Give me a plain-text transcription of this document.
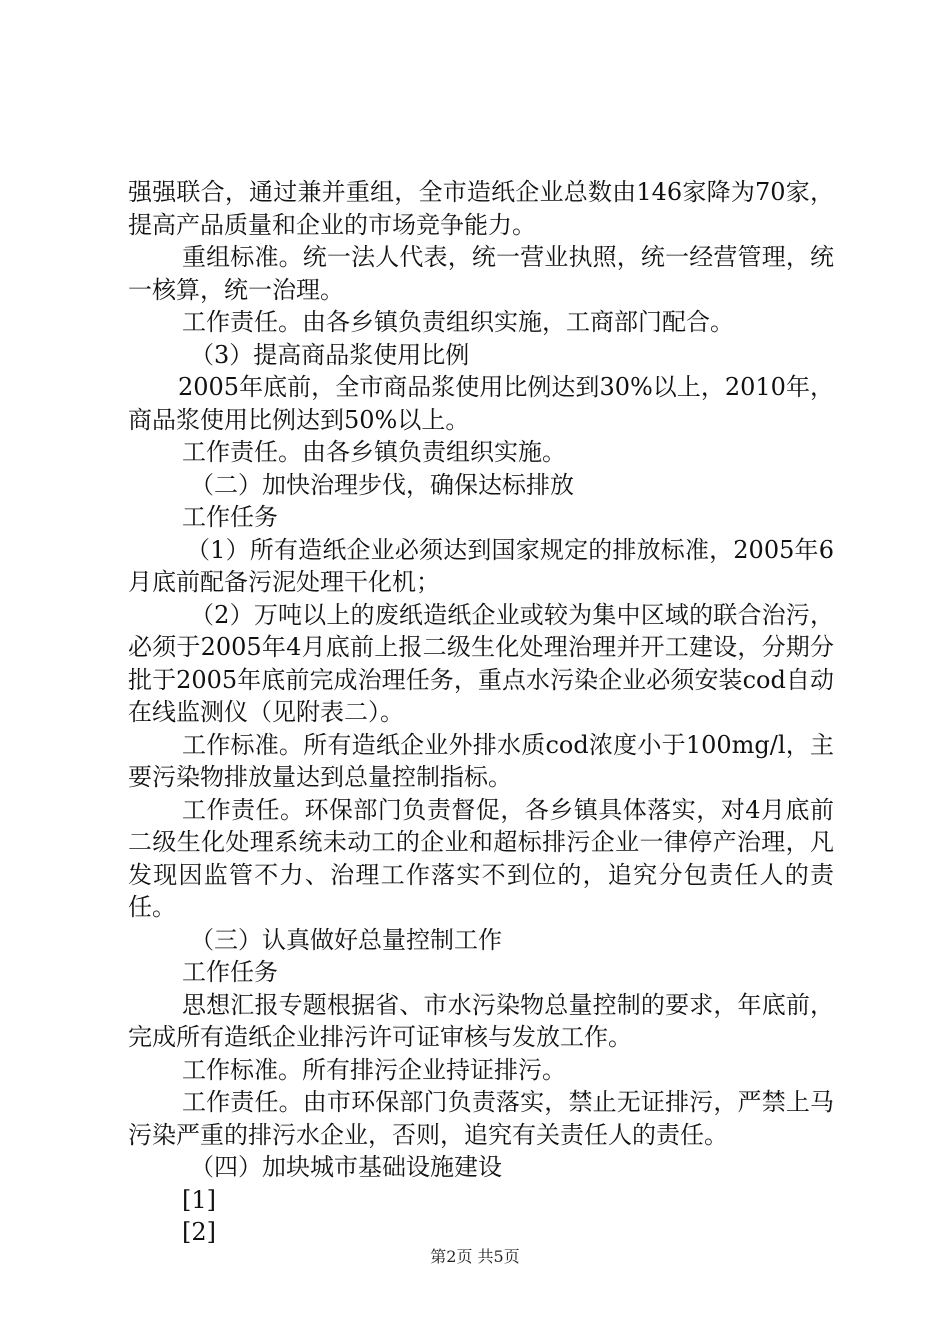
强强联合，通过兼并重组，全市造纸企业总数由146家降为70家，提高产品质量和企业的市场竞争能力。

重组标准。统一法人代表，统一营业执照，统一经营管理，统一核算，统一治理。

工作责任。由各乡镇负责组织实施，工商部门配合。

（3）提高商品浆使用比例

2005年底前，全市商品浆使用比例达到30%以上，2010年，商品浆使用比例达到50%以上。

工作责任。由各乡镇负责组织实施。

（二）加快治理步伐，确保达标排放

工作任务

（1）所有造纸企业必须达到国家规定的排放标准，2005年6月底前配备污泥处理干化机；

（2）万吨以上的废纸造纸企业或较为集中区域的联合治污，必须于2005年4月底前上报二级生化处理治理并开工建设，分期分批于2005年底前完成治理任务，重点水污染企业必须安装cod自动在线监测仪（见附表二）。

工作标准。所有造纸企业外排水质cod浓度小于100mg/l，主要污染物排放量达到总量控制指标。

工作责任。环保部门负责督促，各乡镇具体落实，对4月底前二级生化处理系统未动工的企业和超标排污企业一律停产治理，凡发现因监管不力、治理工作落实不到位的，追究分包责任人的责任。

（三）认真做好总量控制工作

工作任务

思想汇报专题根据省、市水污染物总量控制的要求，年底前，完成所有造纸企业排污许可证审核与发放工作。

工作标准。所有排污企业持证排污。

工作责任。由市环保部门负责落实，禁止无证排污，严禁上马污染严重的排污水企业，否则，追究有关责任人的责任。

（四）加块城市基础设施建设

[1]

[2]

第2页 共5页
